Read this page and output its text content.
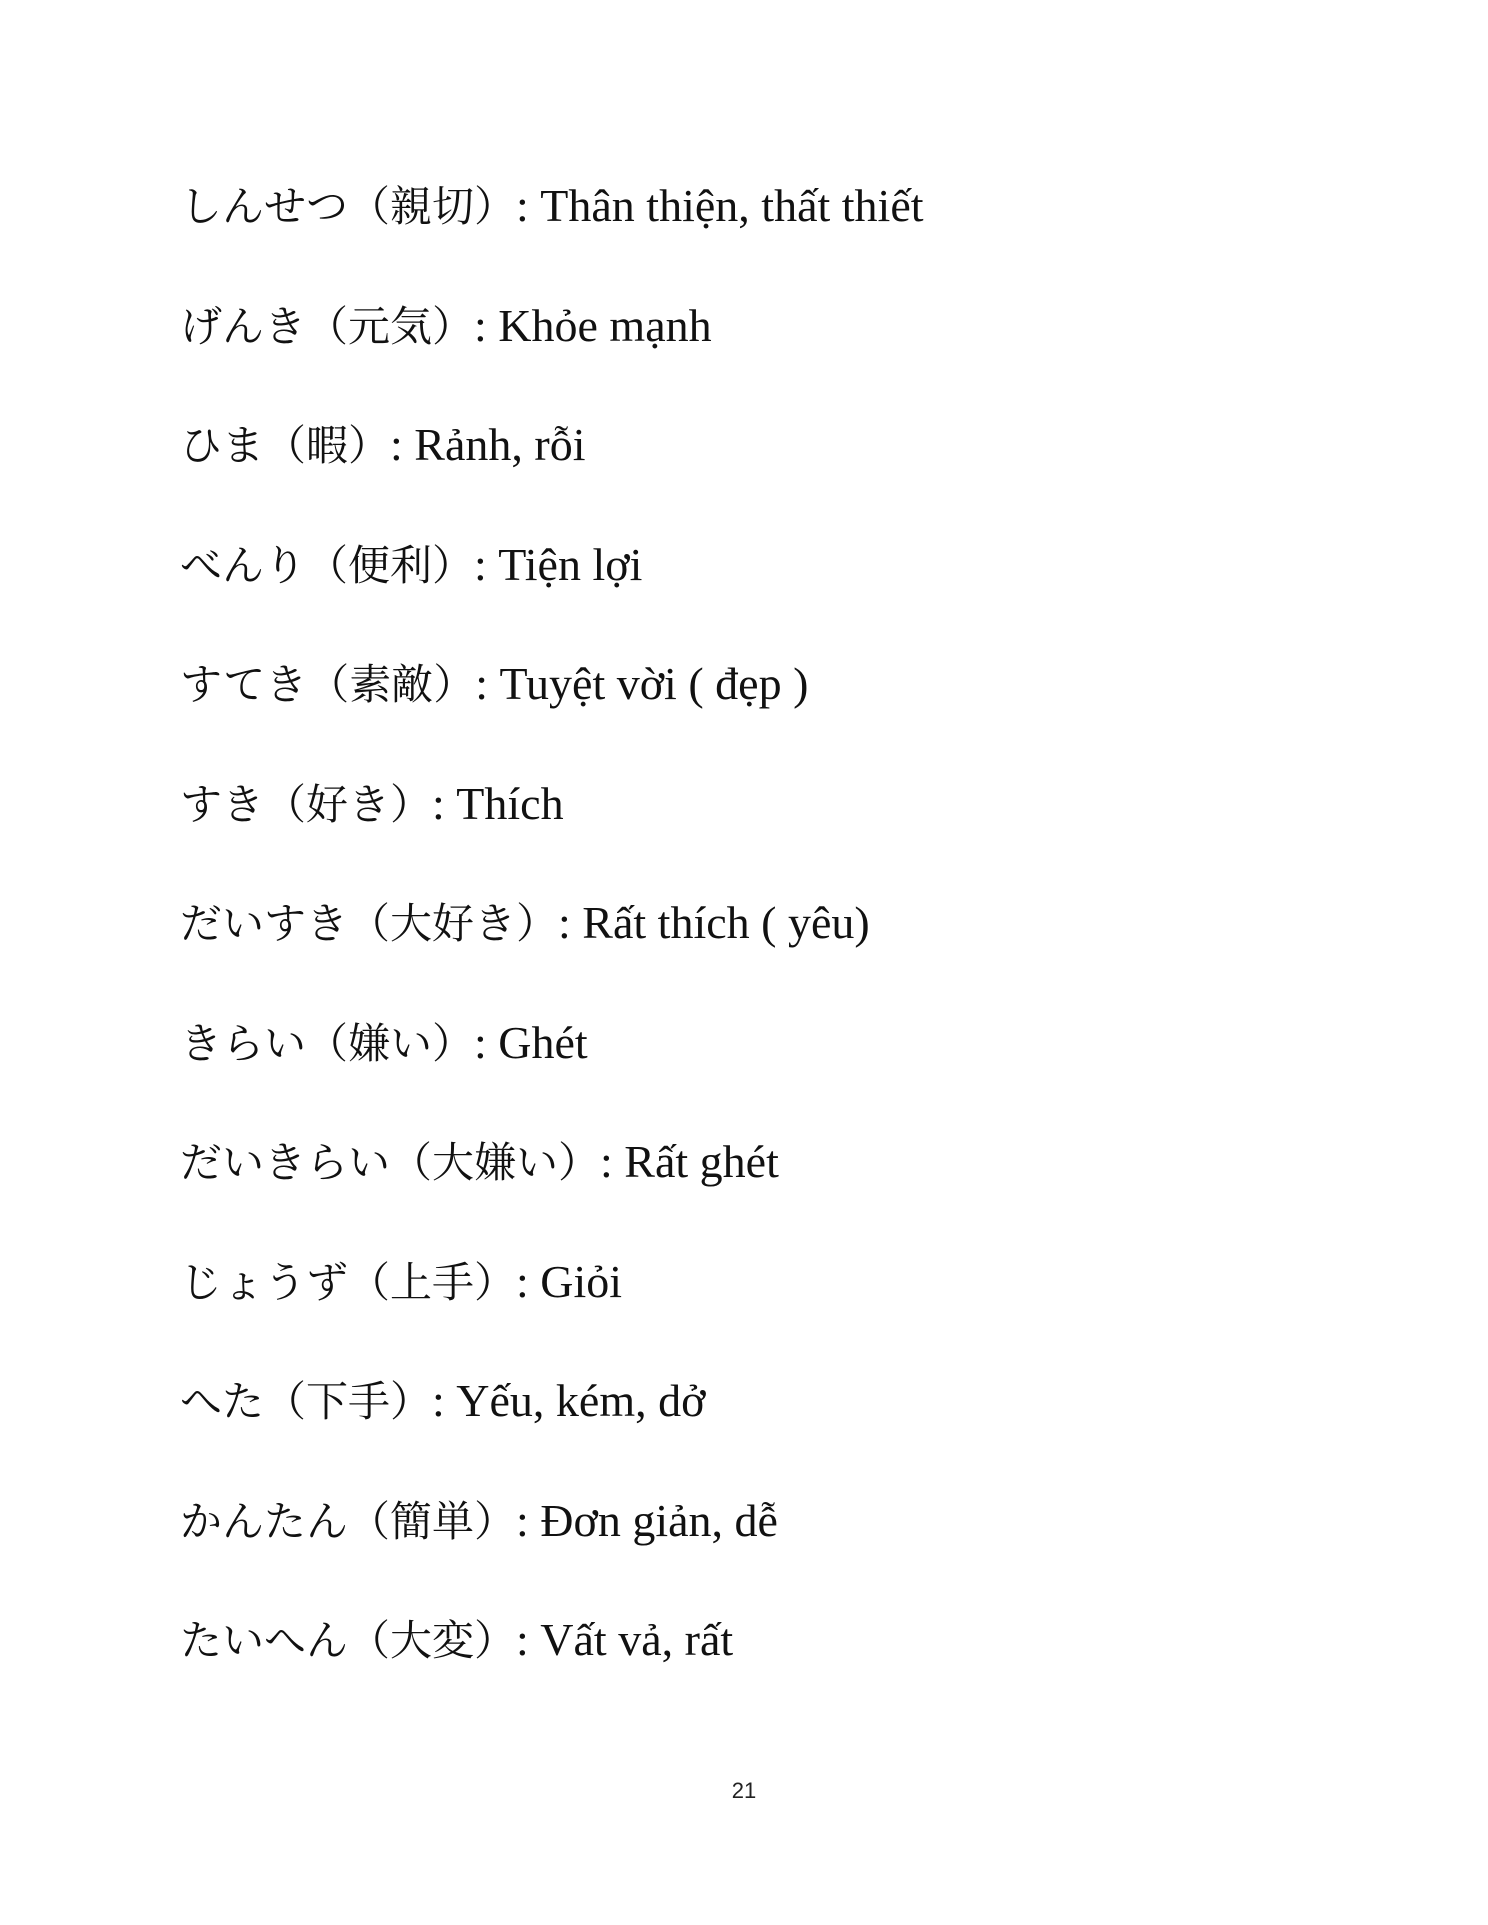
しんせつ（親切）: Thân thiện, thất thiết
げんき（元気）: Khỏe mạnh
ひま（暇）: Rảnh, rỗi
べんり（便利）: Tiện lợi
すてき（素敵）: Tuyệt vời ( đẹp )
すき（好き）: Thích
だいすき（大好き）: Rất thích ( yêu)
きらい（嫌い）: Ghét
だいきらい（大嫌い）: Rất ghét
じょうず（上手）: Giỏi
へた（下手）: Yếu, kém, dở
かんたん（簡単）: Đơn giản, dễ
たいへん（大変）: Vất vả, rất
21
